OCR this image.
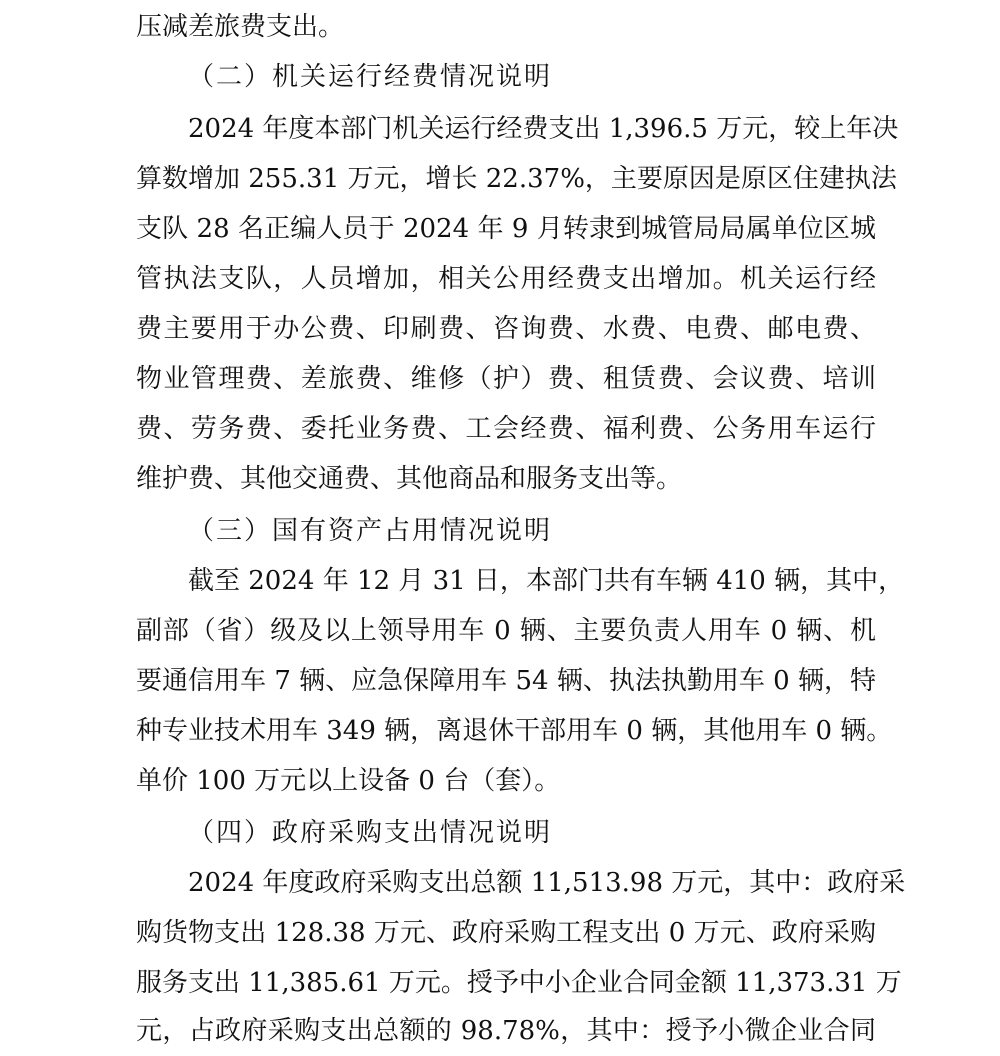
压减差旅费支出。
（二）机关运行经费情况说明
2024 年度本部门机关运行经费支出 1,396.5 万元，较上年决
算数增加 255.31 万元，增长 22.37%，主要原因是原区住建执法
支队 28 名正编人员于 2024 年 9 月转隶到城管局局属单位区城
管执法支队，人员增加，相关公用经费支出增加。机关运行经
费主要用于办公费、印刷费、咨询费、水费、电费、邮电费、
物业管理费、差旅费、维修（护）费、租赁费、会议费、培训
费、劳务费、委托业务费、工会经费、福利费、公务用车运行
维护费、其他交通费、其他商品和服务支出等。
（三）国有资产占用情况说明
截至 2024 年 12 月 31 日，本部门共有车辆 410 辆，其中，
副部（省）级及以上领导用车 0 辆、主要负责人用车 0 辆、机
要通信用车 7 辆、应急保障用车 54 辆、执法执勤用车 0 辆，特
种专业技术用车 349 辆，离退休干部用车 0 辆，其他用车 0 辆。
单价 100 万元以上设备 0 台（套）。
（四）政府采购支出情况说明
2024 年度政府采购支出总额 11,513.98 万元，其中：政府采
购货物支出 128.38 万元、政府采购工程支出 0 万元、政府采购
服务支出 11,385.61 万元。授予中小企业合同金额 11,373.31 万
元，占政府采购支出总额的 98.78%，其中：授予小微企业合同
